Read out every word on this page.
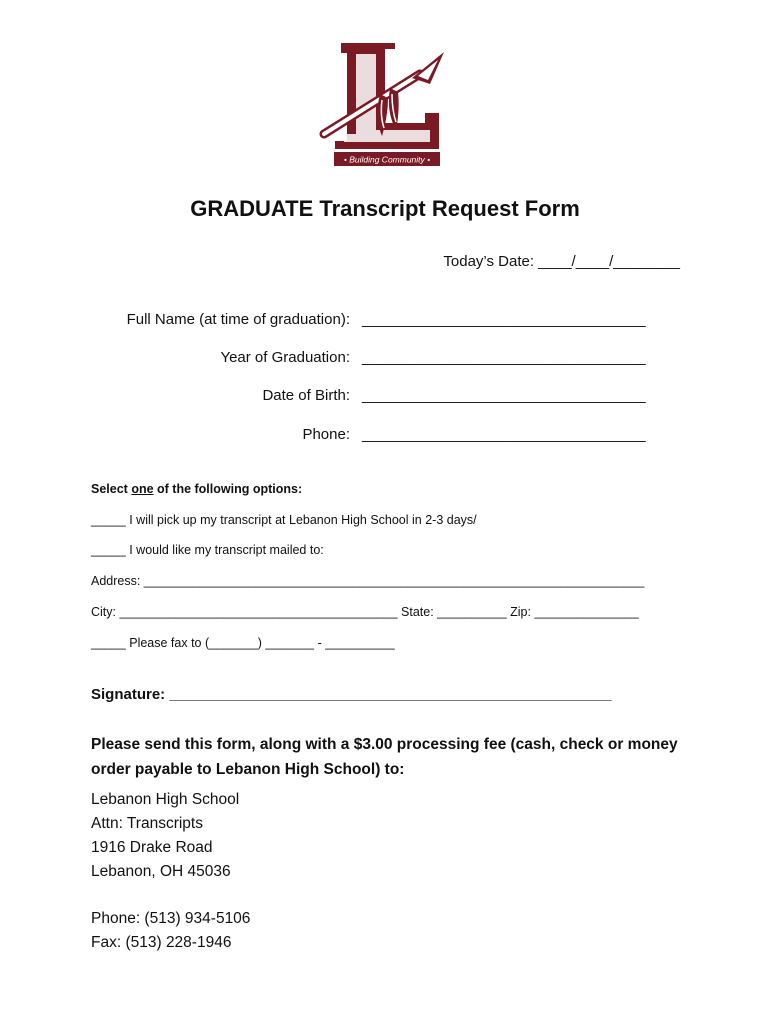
• Building Community •
GRADUATE Transcript Request Form
Today’s Date: ____/____/________
Full Name (at time of graduation): __________________________________
Year of Graduation: __________________________________
Date of Birth: __________________________________
Phone: __________________________________
Select one of the following options:
_____ I will pick up my transcript at Lebanon High School in 2-3 days/
_____ I would like my transcript mailed to:
Address: ________________________________________________________________________
City: ________________________________________ State: __________ Zip: _______________
_____ Please fax to (_______) _______ - __________
Signature: _____________________________________________________
Please send this form, along with a $3.00 processing fee (cash, check or money order payable to Lebanon High School) to:
Lebanon High School
Attn: Transcripts
1916 Drake Road
Lebanon, OH 45036
Phone: (513) 934-5106
Fax: (513) 228-1946
